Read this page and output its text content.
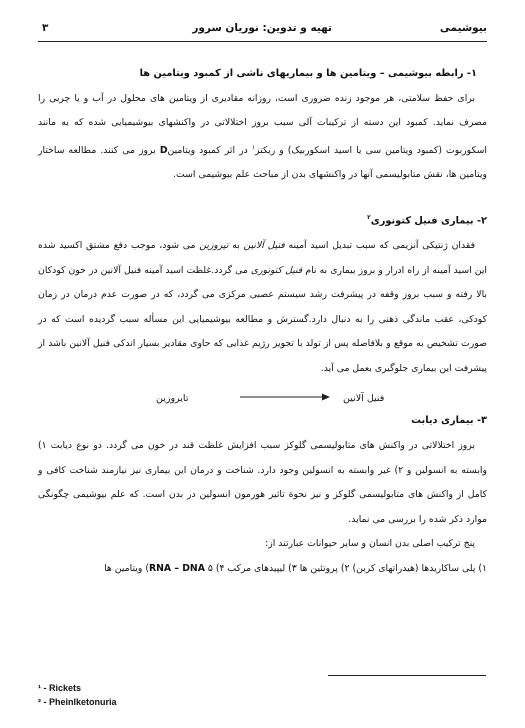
بیوشیمی
تهیه و تدوین: نوریان سرور
۳

۱- رابطه بیوشیمی – ویتامین ها و بیماریهای ناشی از کمبود ویتامین ها

برای حفظ سلامتی، هر موجود زنده ضروری است، روزانه مقادیری از ویتامین های محلول در آب و یا چربی را مصرف نماید. کمبود این دسته از ترکیبات آلی سبب بروز اختلالاتی در واکنشهای بیوشیمیایی شده که به مانند اسکوربوت (کمبود ویتامین سی یا اسید اسکوربیک) و ریکتز$^۱$ در اثر کمبود ویتامینD بروز می کنند. مطالعه ساختار ویتامین ها، نقش متابولیسمی آنها در واکنشهای بدن از مباحث علم بیوشیمی است.

۲- بیماری فنیل کتونوری$^۲$

فقدان ژنتیکی آنزیمی که سبب تبدیل اسید آمینه فنیل آلانین به تیروزین می شود، موجب دفع مشتق اکسید شده این اسید آمینه از راه ادرار و بروز بیماری به نام فنیل کتونوری می گردد.غلظت اسید آمینه فنیل آلانین در خون کودکان بالا رفته و سبب بروز وقفه در پیشرفت رشد سیستم عصبی مرکزی می گردد، که در صورت عدم درمان در زمان کودکی، عقب ماندگی ذهنی را به دنبال دارد.گسترش و مطالعه بیوشیمیایی این مسأله سبب گردیده است که در صورت تشخیص به موقع و بلافاصله پس از تولد با تجویز رژیم غذایی که حاوی مقادیر بسیار اندکی فنیل آلانین باشد از پیشرفت این بیماری جلوگیری بعمل می آید.

تایروزین	فنیل آلانین

۳- بیماری دیابت

بروز اختلالاتی در واکنش های متابولیسمی گلوکز سبب افزایش غلظت قند در خون می گردد. دو نوع دیابت ۱) وابسته به انسولین و ۲) غیر وابسته به انسولین وجود دارد. شناخت و درمان این بیماری نیز نیازمند شناخت کافی و کامل از واکنش های متابولیسمی گلوکز و نیز نحوة تاثیر هورمون انسولین در بدن است. که علم بیوشیمی چگونگی موارد ذکر شده را بررسی می نماید.

پنج ترکیب اصلی بدن انسان و سایر حیوانات عبارتند از:

۱) پلی ساکاریدها (هیدراتهای کربن) ۲) پروتئین ها ۳) لیپیدهای مرکب ۴) RNA – DNA ۵) ویتامین ها

¹ - Rickets
² - Pheinlketonuria
